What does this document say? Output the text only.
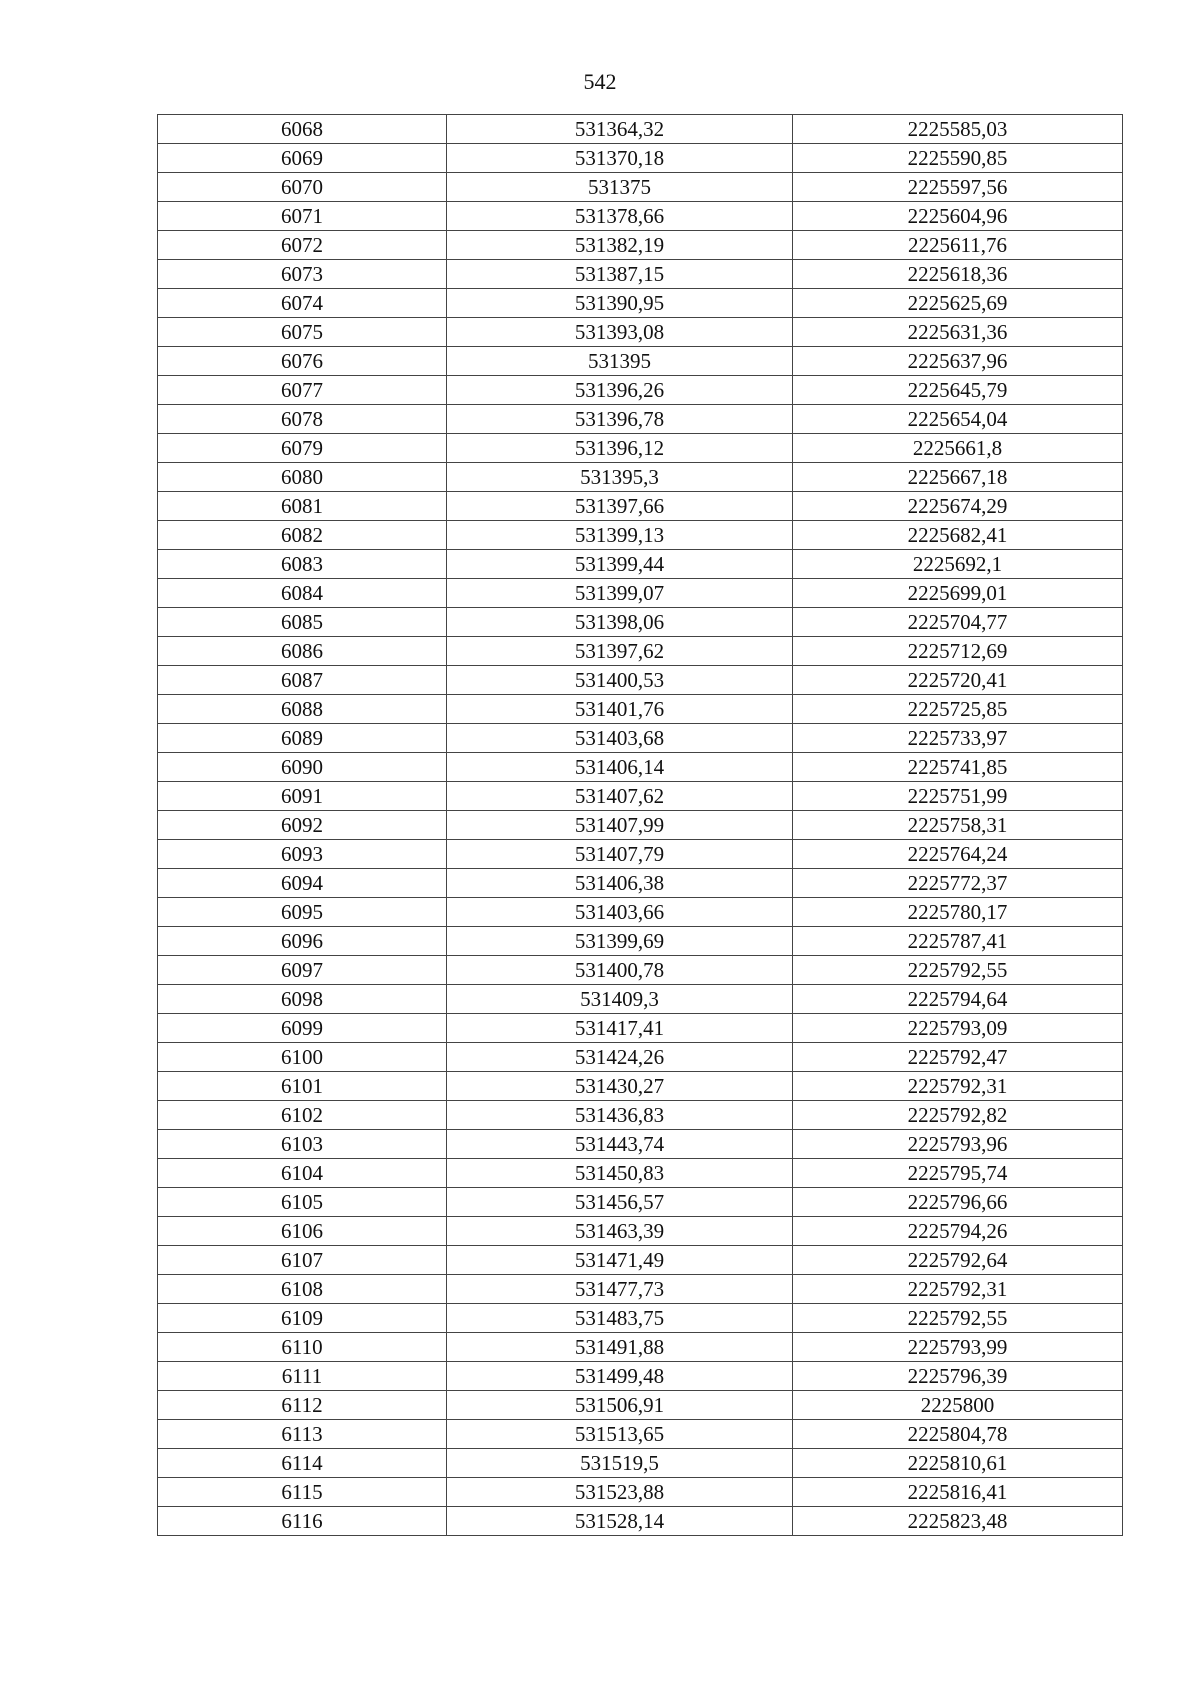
542
6068	531364,32	2225585,03
6069	531370,18	2225590,85
6070	531375	2225597,56
6071	531378,66	2225604,96
6072	531382,19	2225611,76
6073	531387,15	2225618,36
6074	531390,95	2225625,69
6075	531393,08	2225631,36
6076	531395	2225637,96
6077	531396,26	2225645,79
6078	531396,78	2225654,04
6079	531396,12	2225661,8
6080	531395,3	2225667,18
6081	531397,66	2225674,29
6082	531399,13	2225682,41
6083	531399,44	2225692,1
6084	531399,07	2225699,01
6085	531398,06	2225704,77
6086	531397,62	2225712,69
6087	531400,53	2225720,41
6088	531401,76	2225725,85
6089	531403,68	2225733,97
6090	531406,14	2225741,85
6091	531407,62	2225751,99
6092	531407,99	2225758,31
6093	531407,79	2225764,24
6094	531406,38	2225772,37
6095	531403,66	2225780,17
6096	531399,69	2225787,41
6097	531400,78	2225792,55
6098	531409,3	2225794,64
6099	531417,41	2225793,09
6100	531424,26	2225792,47
6101	531430,27	2225792,31
6102	531436,83	2225792,82
6103	531443,74	2225793,96
6104	531450,83	2225795,74
6105	531456,57	2225796,66
6106	531463,39	2225794,26
6107	531471,49	2225792,64
6108	531477,73	2225792,31
6109	531483,75	2225792,55
6110	531491,88	2225793,99
6111	531499,48	2225796,39
6112	531506,91	2225800
6113	531513,65	2225804,78
6114	531519,5	2225810,61
6115	531523,88	2225816,41
6116	531528,14	2225823,48
